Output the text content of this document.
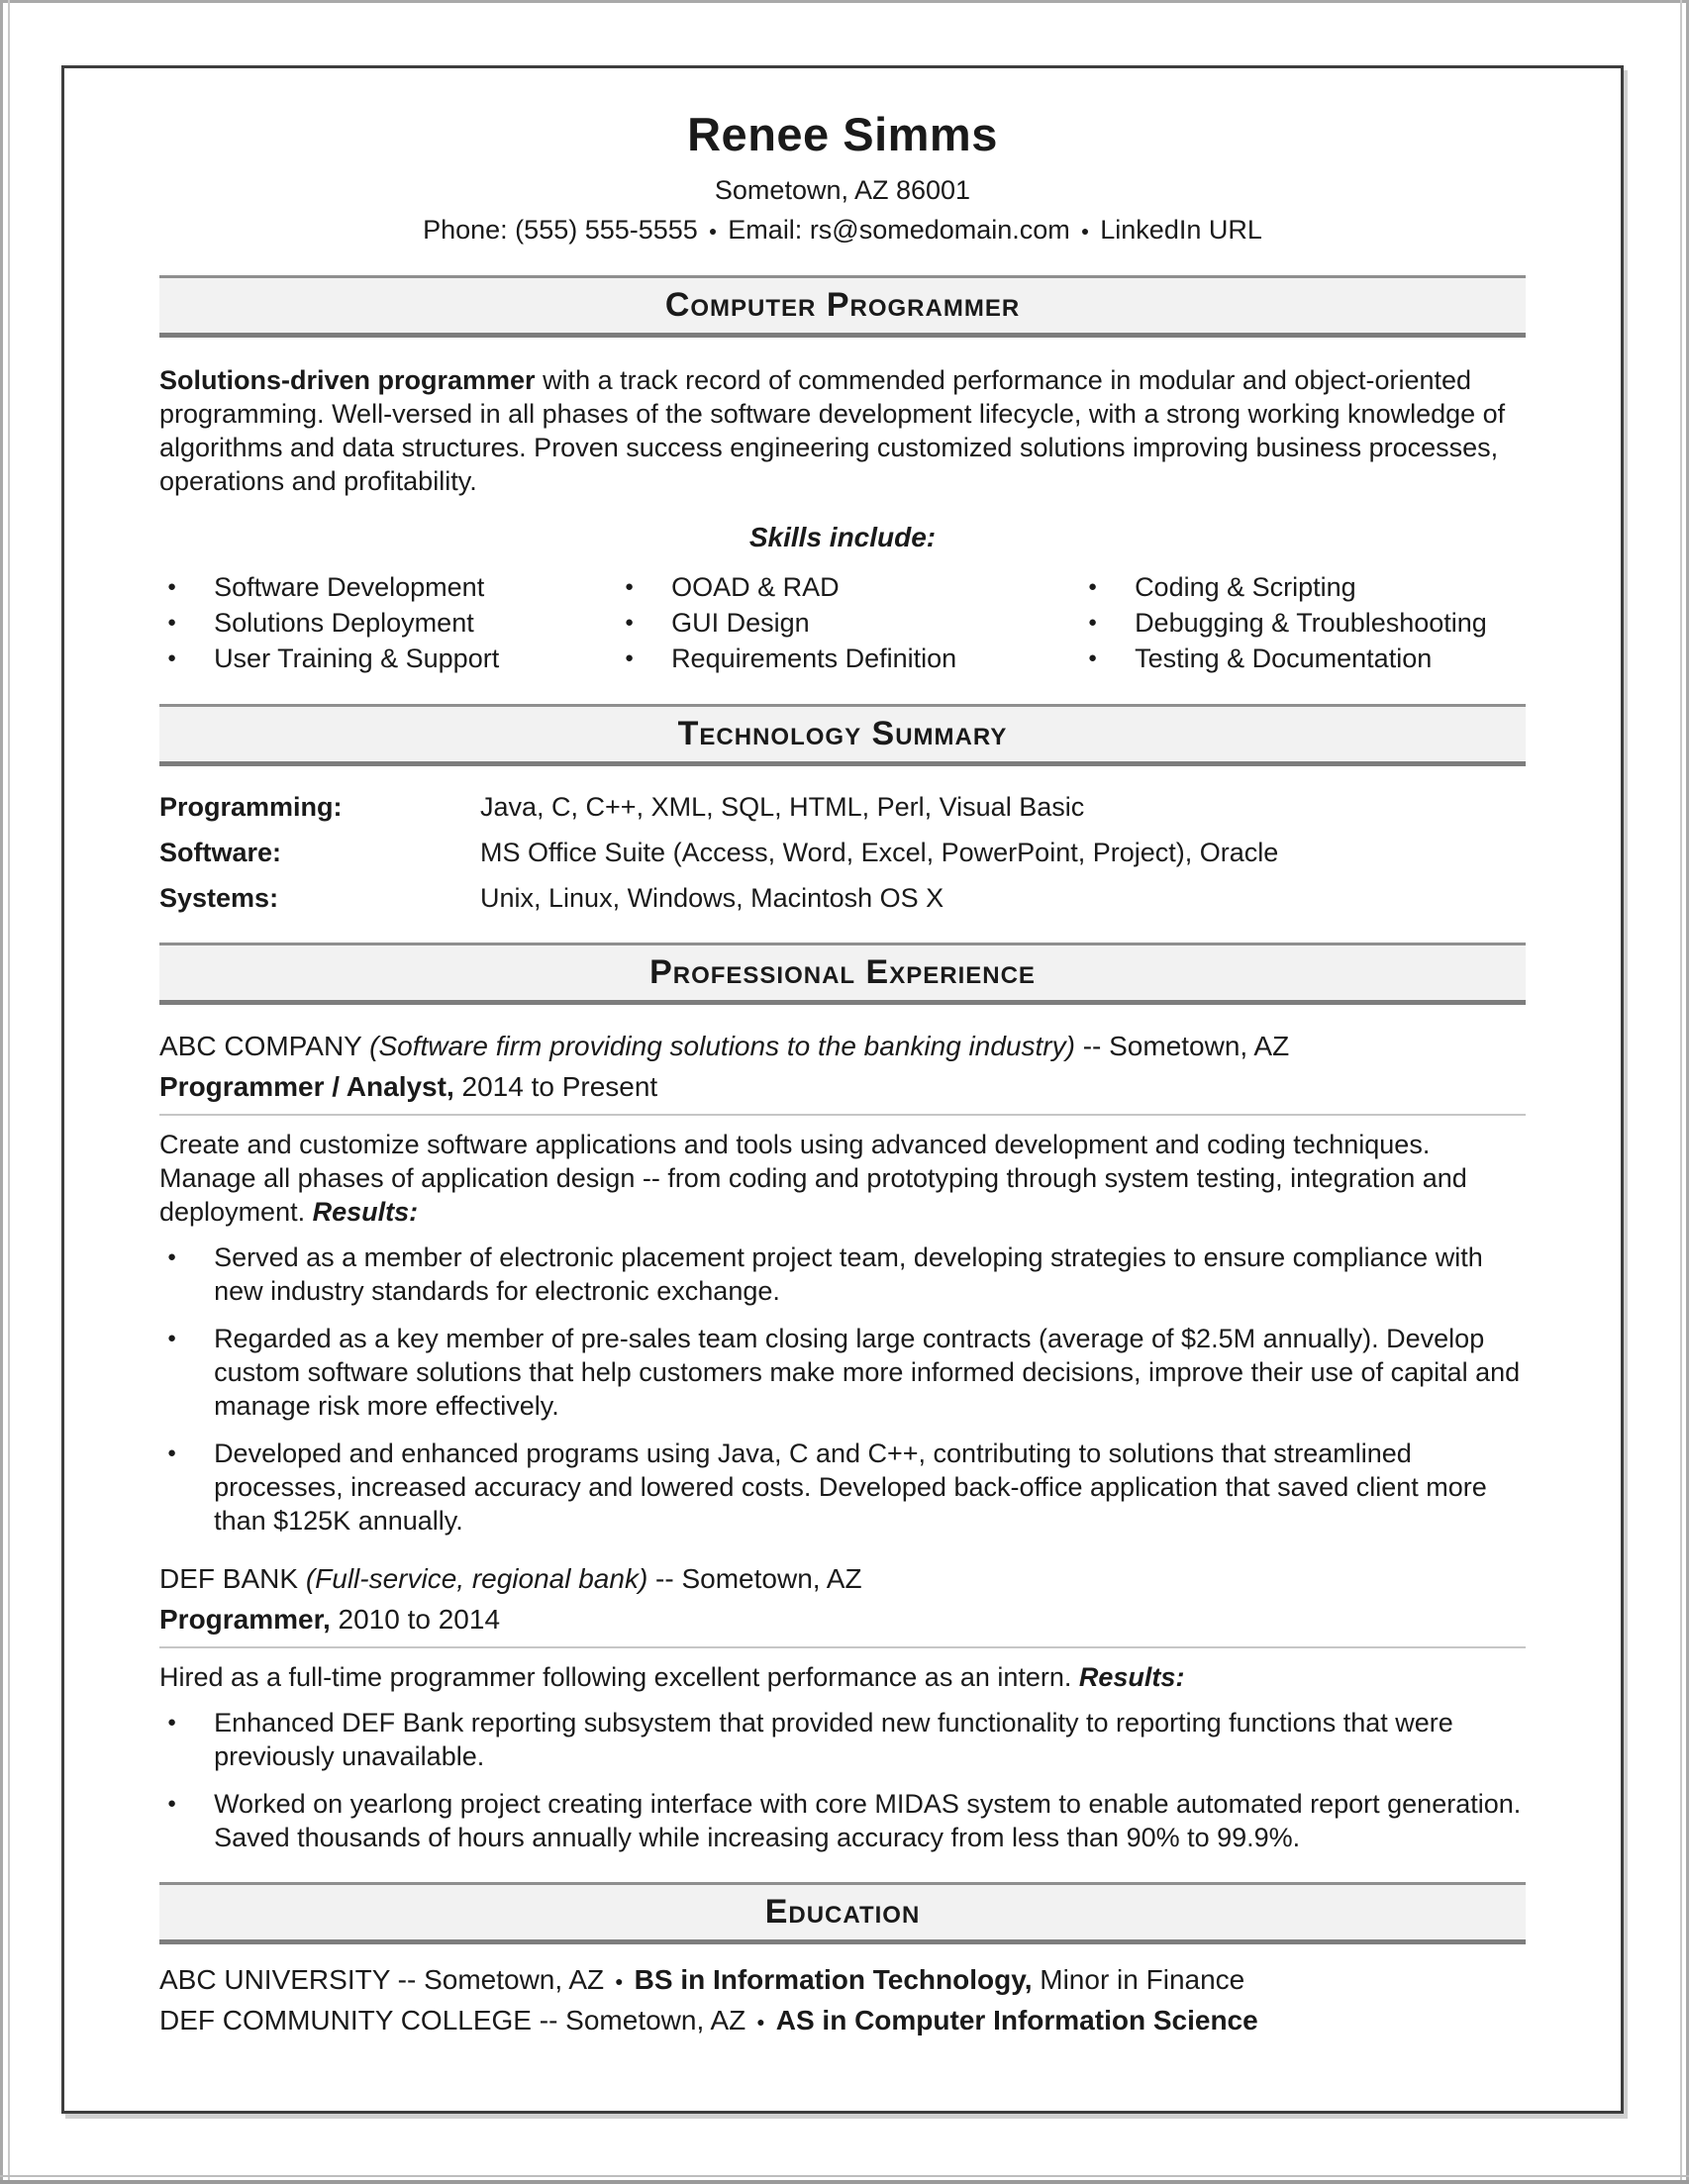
Renee Simms
Sometown, AZ 86001
Phone: (555) 555-5555 ● Email: rs@somedomain.com ● LinkedIn URL
Computer Programmer
Solutions-driven programmer with a track record of commended performance in modular and object-oriented programming. Well-versed in all phases of the software development lifecycle, with a strong working knowledge of algorithms and data structures. Proven success engineering customized solutions improving business processes, operations and profitability.
Skills include:
● Software Development
● Solutions Deployment
● User Training & Support
● OOAD & RAD
● GUI Design
● Requirements Definition
● Coding & Scripting
● Debugging & Troubleshooting
● Testing & Documentation
Technology Summary
Programming:	Java, C, C++, XML, SQL, HTML, Perl, Visual Basic
Software:	MS Office Suite (Access, Word, Excel, PowerPoint, Project), Oracle
Systems:	Unix, Linux, Windows, Macintosh OS X
Professional Experience
ABC COMPANY (Software firm providing solutions to the banking industry) -- Sometown, AZ
Programmer / Analyst, 2014 to Present
Create and customize software applications and tools using advanced development and coding techniques. Manage all phases of application design -- from coding and prototyping through system testing, integration and deployment. Results:
● Served as a member of electronic placement project team, developing strategies to ensure compliance with new industry standards for electronic exchange.
● Regarded as a key member of pre-sales team closing large contracts (average of $2.5M annually). Develop custom software solutions that help customers make more informed decisions, improve their use of capital and manage risk more effectively.
● Developed and enhanced programs using Java, C and C++, contributing to solutions that streamlined processes, increased accuracy and lowered costs. Developed back-office application that saved client more than $125K annually.
DEF BANK (Full-service, regional bank) -- Sometown, AZ
Programmer, 2010 to 2014
Hired as a full-time programmer following excellent performance as an intern. Results:
● Enhanced DEF Bank reporting subsystem that provided new functionality to reporting functions that were previously unavailable.
● Worked on yearlong project creating interface with core MIDAS system to enable automated report generation. Saved thousands of hours annually while increasing accuracy from less than 90% to 99.9%.
Education
ABC UNIVERSITY -- Sometown, AZ ● BS in Information Technology, Minor in Finance
DEF COMMUNITY COLLEGE -- Sometown, AZ ● AS in Computer Information Science
